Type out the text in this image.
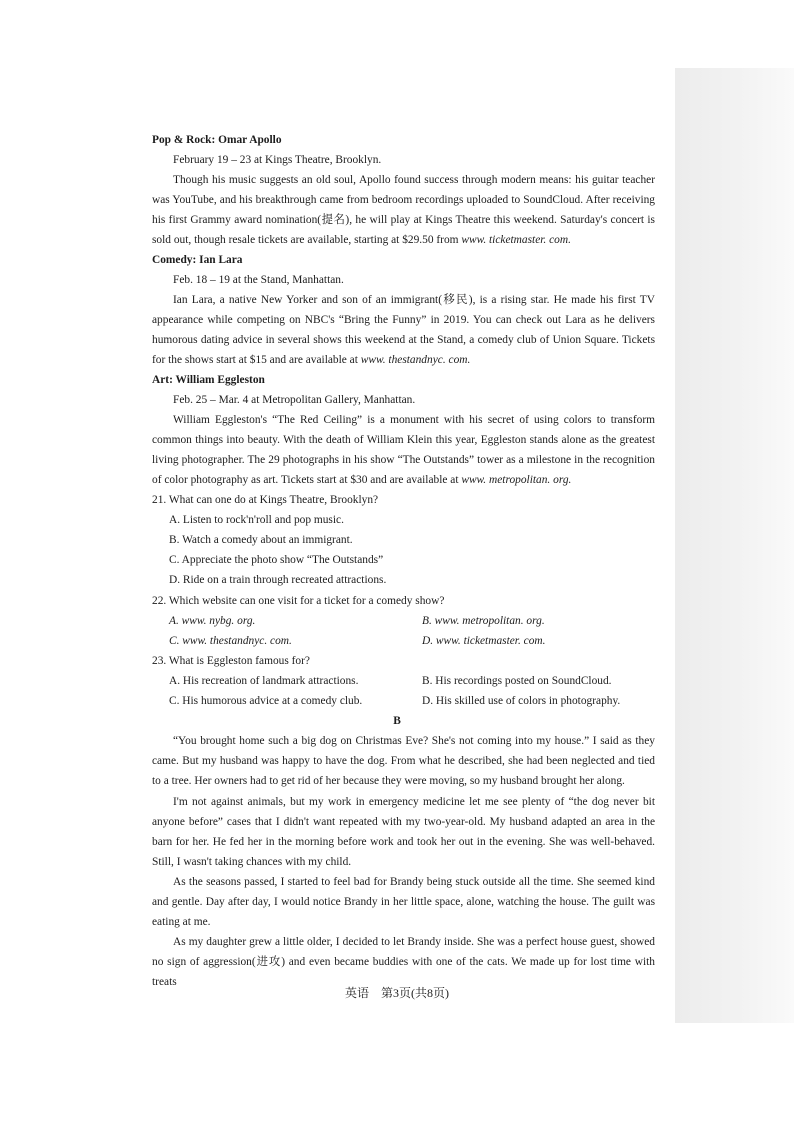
Pop & Rock: Omar Apollo
February 19 – 23 at Kings Theatre, Brooklyn.
Though his music suggests an old soul, Apollo found success through modern means: his guitar teacher was YouTube, and his breakthrough came from bedroom recordings uploaded to SoundCloud. After receiving his first Grammy award nomination(提名), he will play at Kings Theatre this weekend. Saturday's concert is sold out, though resale tickets are available, starting at $29.50 from www. ticketmaster. com.
Comedy: Ian Lara
Feb. 18 – 19 at the Stand, Manhattan.
Ian Lara, a native New Yorker and son of an immigrant(移民), is a rising star. He made his first TV appearance while competing on NBC's “Bring the Funny” in 2019. You can check out Lara as he delivers humorous dating advice in several shows this weekend at the Stand, a comedy club of Union Square. Tickets for the shows start at $15 and are available at www. thestandnyc. com.
Art: William Eggleston
Feb. 25 – Mar. 4 at Metropolitan Gallery, Manhattan.
William Eggleston's “The Red Ceiling” is a monument with his secret of using colors to transform common things into beauty. With the death of William Klein this year, Eggleston stands alone as the greatest living photographer. The 29 photographs in his show “The Outstands” tower as a milestone in the recognition of color photography as art. Tickets start at $30 and are available at www. metropolitan. org.
21. What can one do at Kings Theatre, Brooklyn?
A. Listen to rock'n'roll and pop music.
B. Watch a comedy about an immigrant.
C. Appreciate the photo show “The Outstands”
D. Ride on a train through recreated attractions.
22. Which website can one visit for a ticket for a comedy show?
A. www. nybg. org.	B. www. metropolitan. org.
C. www. thestandnyc. com.	D. www. ticketmaster. com.
23. What is Eggleston famous for?
A. His recreation of landmark attractions.	B. His recordings posted on SoundCloud.
C. His humorous advice at a comedy club.	D. His skilled use of colors in photography.
B
“You brought home such a big dog on Christmas Eve? She's not coming into my house.” I said as they came. But my husband was happy to have the dog. From what he described, she had been neglected and tied to a tree. Her owners had to get rid of her because they were moving, so my husband brought her along.
I'm not against animals, but my work in emergency medicine let me see plenty of “the dog never bit anyone before” cases that I didn't want repeated with my two-year-old. My husband adapted an area in the barn for her. He fed her in the morning before work and took her out in the evening. She was well-behaved. Still, I wasn't taking chances with my child.
As the seasons passed, I started to feel bad for Brandy being stuck outside all the time. She seemed kind and gentle. Day after day, I would notice Brandy in her little space, alone, watching the house. The guilt was eating at me.
As my daughter grew a little older, I decided to let Brandy inside. She was a perfect house guest, showed no sign of aggression(进攻) and even became buddies with one of the cats. We made up for lost time with treats
英语　第3页(共8页)
